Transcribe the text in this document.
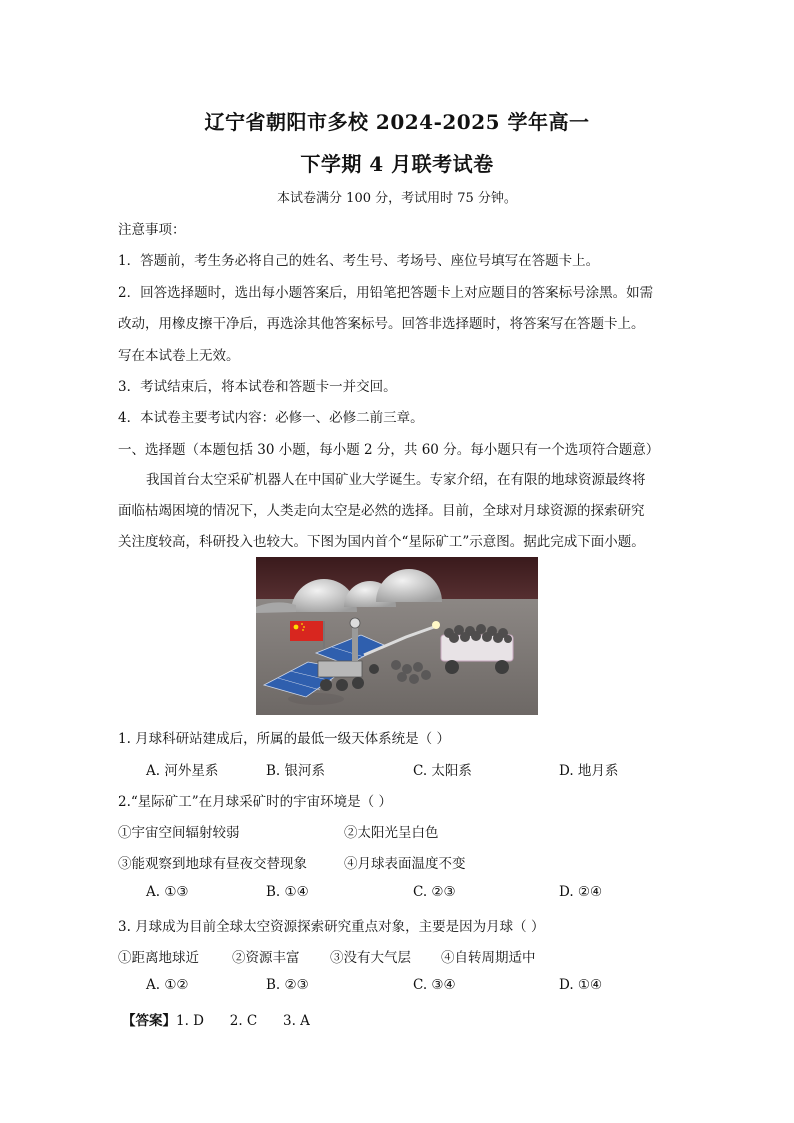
辽宁省朝阳市多校 2024-2025 学年高一
下学期 4 月联考试卷
本试卷满分 100 分，考试用时 75 分钟。
注意事项：
1．答题前，考生务必将自己的姓名、考生号、考场号、座位号填写在答题卡上。
2．回答选择题时，选出每小题答案后，用铅笔把答题卡上对应题目的答案标号涂黑。如需
改动，用橡皮擦干净后，再选涂其他答案标号。回答非选择题时，将答案写在答题卡上。
写在本试卷上无效。
3．考试结束后，将本试卷和答题卡一并交回。
4．本试卷主要考试内容：必修一、必修二前三章。
一、选择题（本题包括 30 小题，每小题 2 分，共 60 分。每小题只有一个选项符合题意）
我国首台太空采矿机器人在中国矿业大学诞生。专家介绍，在有限的地球资源最终将
面临枯竭困境的情况下，人类走向太空是必然的选择。目前，全球对月球资源的探索研究
关注度较高，科研投入也较大。下图为国内首个“星际矿工”示意图。据此完成下面小题。
1. 月球科研站建成后，所属的最低一级天体系统是（ ）
A. 河外星系	B. 银河系	C. 太阳系	D. 地月系
2.“星际矿工”在月球采矿时的宇宙环境是（ ）
①宇宙空间辐射较弱	②太阳光呈白色
③能观察到地球有昼夜交替现象	④月球表面温度不变
A. ①③	B. ①④	C. ②③	D. ②④
3. 月球成为目前全球太空资源探索研究重点对象，主要是因为月球（ ）
①距离地球近 ②资源丰富 ③没有大气层 ④自转周期适中
A. ①②	B. ②③	C. ③④	D. ①④
【答案】1. D      2. C      3. A
